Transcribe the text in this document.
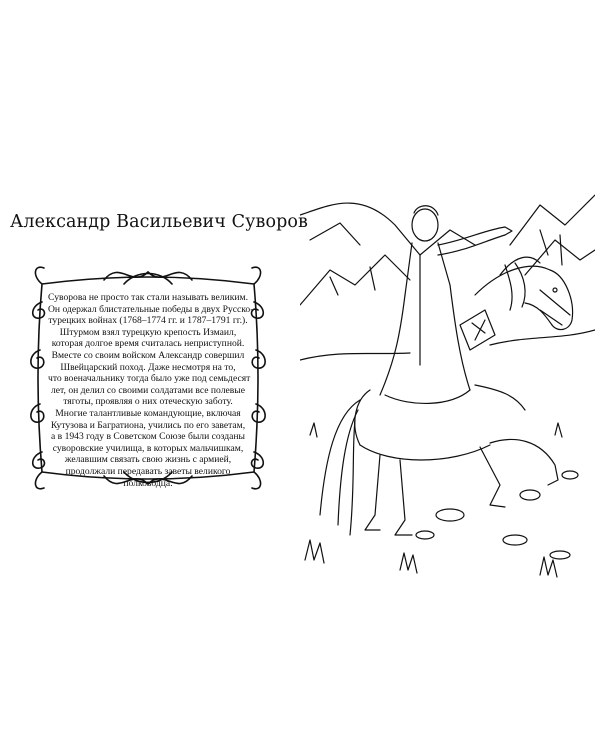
Александр Васильевич Суворов

Суворова не просто так стали называть великим.
Он одержал блистательные победы в двух Русско-
турецких войнах (1768–1774 гг. и 1787–1791 гг.).
Штурмом взял турецкую крепость Измаил,
которая долгое время считалась неприступной.
Вместе со своим войском Александр совершил
Швейцарский поход. Даже несмотря на то,
что военачальнику тогда было уже под семьдесят
лет, он делил со своими солдатами все полевые
тяготы, проявляя о них отеческую заботу.
Многие талантливые командующие, включая
Кутузова и Багратиона, учились по его заветам,
а в 1943 году в Советском Союзе были созданы
суворовские училища, в которых мальчишкам,
желавшим связать свою жизнь с армией,
продолжали передавать заветы великого
полководца.
